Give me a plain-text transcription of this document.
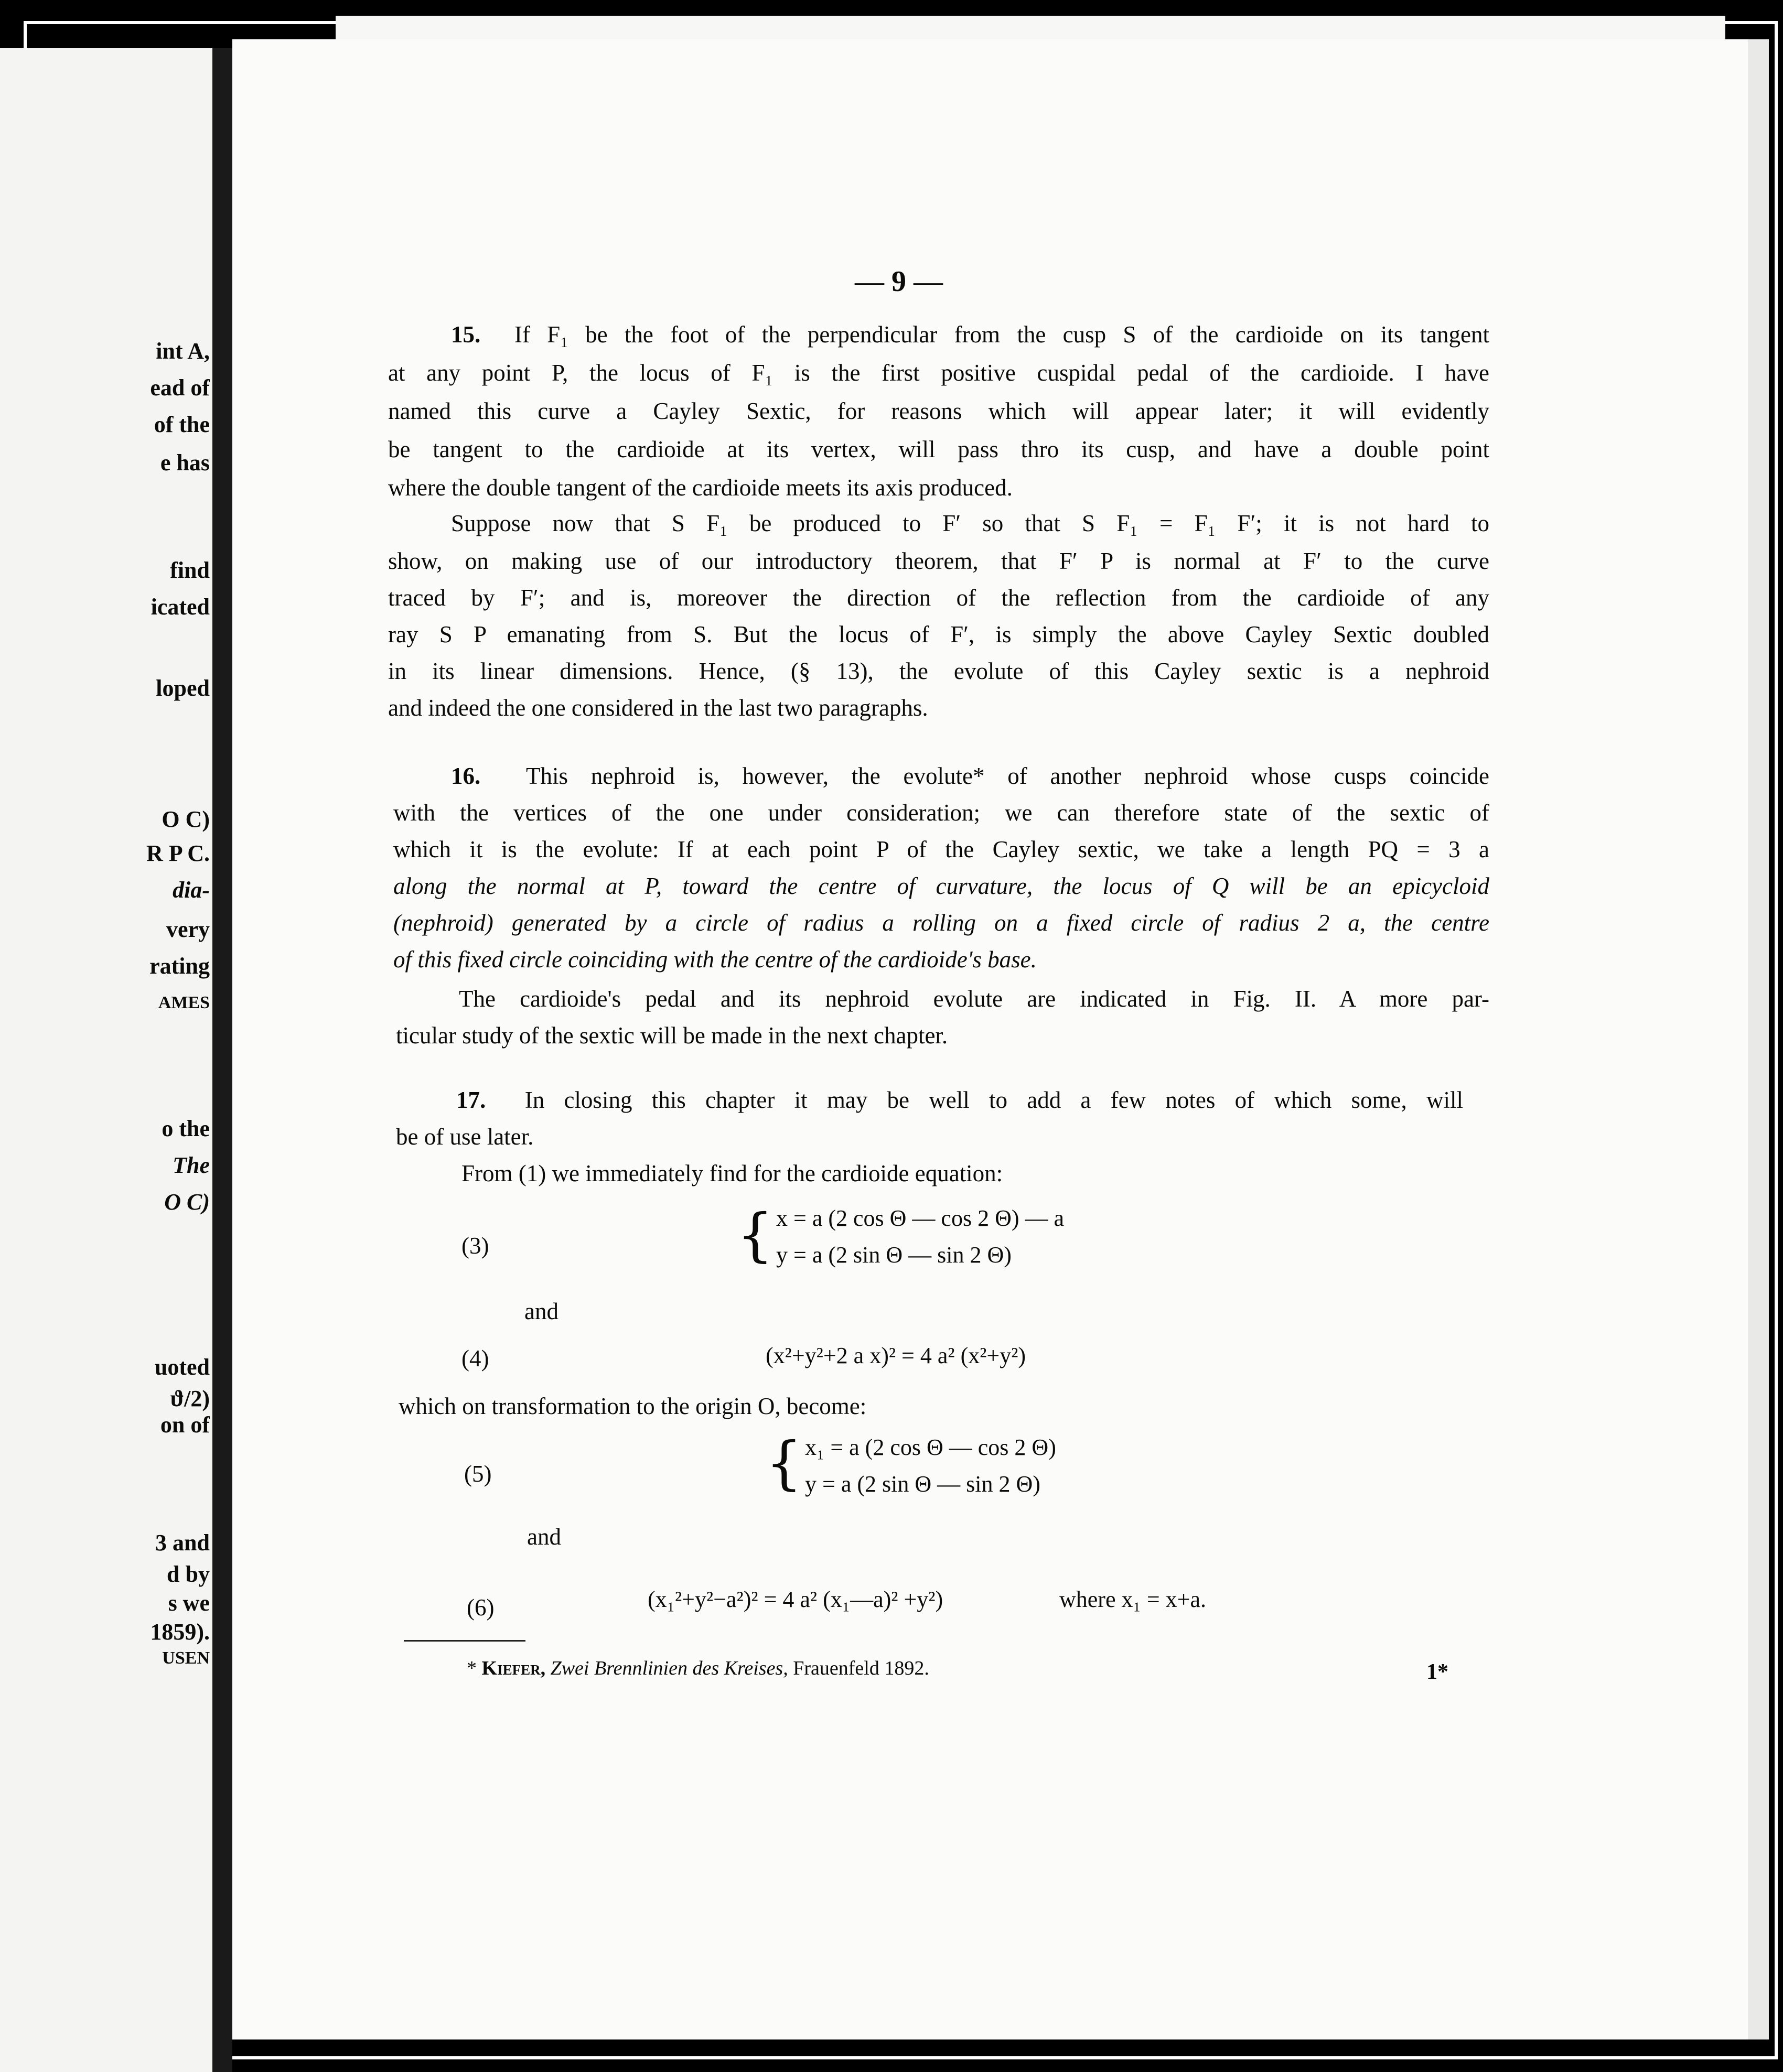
int A,
ead of
of the
e has
find
icated
loped
O C)
R P C.
dia-
very
rating
AMES
o the
The
O C)
uoted
ϑ/2)
on of
3 and
d by
s we
1859).
USEN
— 9 —
15. If F₁ be the foot of the perpendicular from the cusp S of the cardioide on its tangent
at any point P, the locus of F₁ is the first positive cuspidal pedal of the cardioide. I have
named this curve a Cayley Sextic, for reasons which will appear later; it will evidently
be tangent to the cardioide at its vertex, will pass thro its cusp, and have a double point
where the double tangent of the cardioide meets its axis produced.
Suppose now that S F₁ be produced to F′ so that S F₁ = F₁ F′; it is not hard to
show, on making use of our introductory theorem, that F′ P is normal at F′ to the curve
traced by F′; and is, moreover the direction of the reflection from the cardioide of any
ray S P emanating from S. But the locus of F′, is simply the above Cayley Sextic doubled
in its linear dimensions. Hence, (§ 13), the evolute of this Cayley sextic is a nephroid
and indeed the one considered in the last two paragraphs.
16. This nephroid is, however, the evolute* of another nephroid whose cusps coincide
with the vertices of the one under consideration; we can therefore state of the sextic of
which it is the evolute: If at each point P of the Cayley sextic, we take a length PQ = 3 a
along the normal at P, toward the centre of curvature, the locus of Q will be an epicycloid
(nephroid) generated by a circle of radius a rolling on a fixed circle of radius 2 a, the centre
of this fixed circle coinciding with the centre of the cardioide's base.
The cardioide's pedal and its nephroid evolute are indicated in Fig. II. A more par-
ticular study of the sextic will be made in the next chapter.
17. In closing this chapter it may be well to add a few notes of which some, will
be of use later.
From (1) we immediately find for the cardioide equation:
(3)	{ x = a (2 cos Θ — cos 2 Θ) — a
y = a (2 sin Θ — sin 2 Θ)
and
(4)	(x²+y²+2 a x)² = 4 a² (x²+y²)
which on transformation to the origin O, become:
(5)	{ x₁ = a (2 cos Θ — cos 2 Θ)
y = a (2 sin Θ — sin 2 Θ)
and
(6)	(x₁²+y²−a²)² = 4 a² (x₁—a)² +y²)	where x₁ = x+a.
* Kiefer, Zwei Brennlinien des Kreises, Frauenfeld 1892.	1*
